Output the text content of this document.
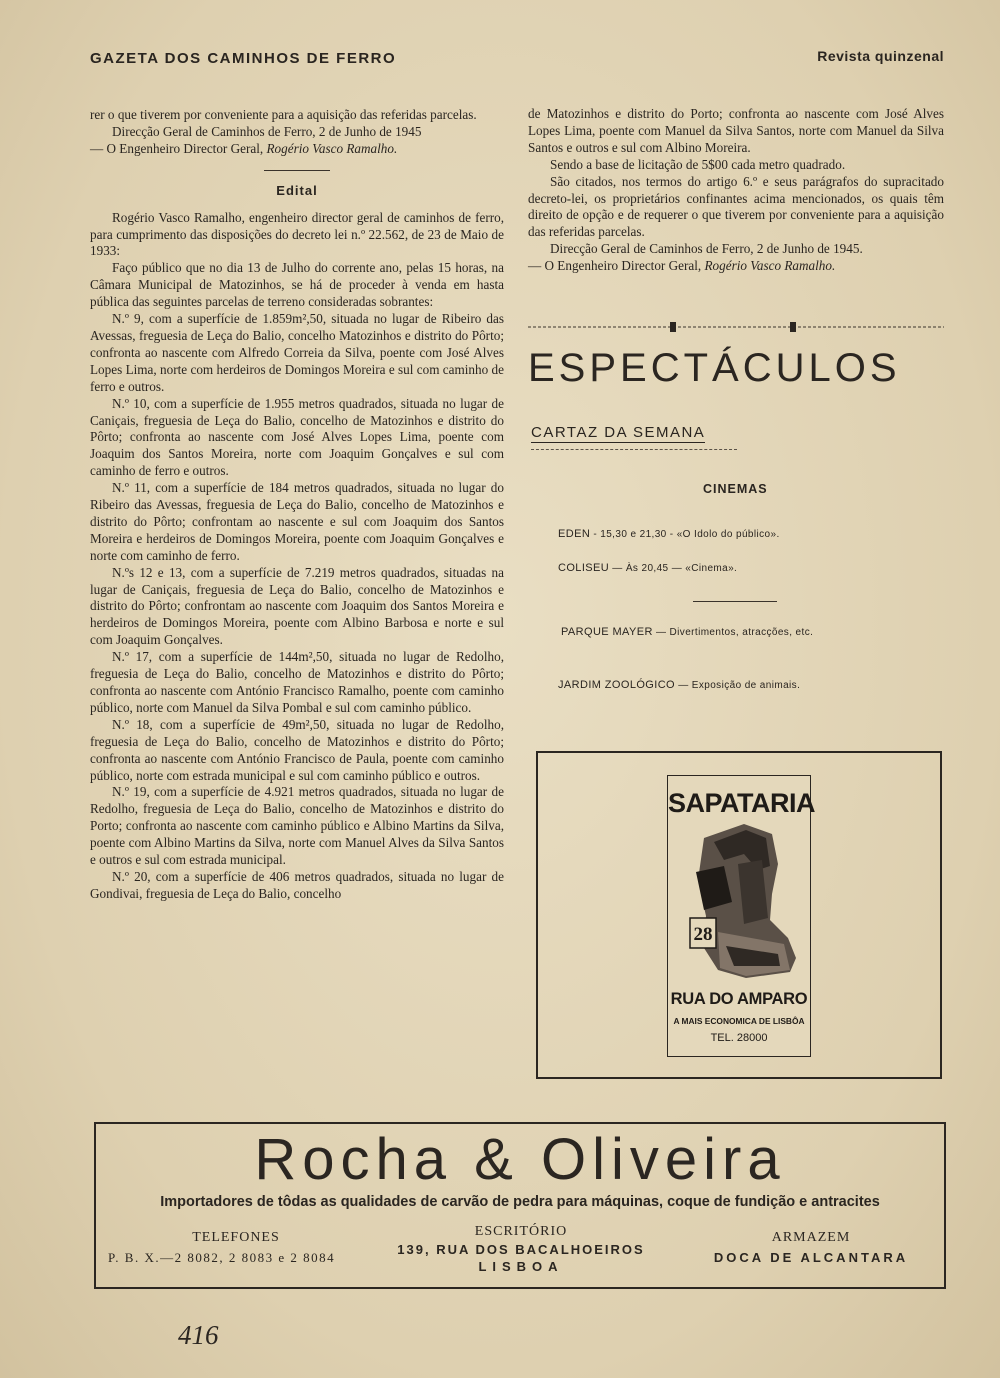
GAZETA DOS CAMINHOS DE FERRO	Revista quinzenal

rer o que tiverem por conveniente para a aquisição das referidas parcelas.

Direcção Geral de Caminhos de Ferro, 2 de Junho de 1945

— O Engenheiro Director Geral, Rogério Vasco Ramalho.

Edital

Rogério Vasco Ramalho, engenheiro director geral de caminhos de ferro, para cumprimento das disposições do decreto lei n.º 22.562, de 23 de Maio de 1933:

Faço público que no dia 13 de Julho do corrente ano, pelas 15 horas, na Câmara Municipal de Matozinhos, se há de proceder à venda em hasta pública das seguintes parcelas de terreno consideradas sobrantes:

N.º 9, com a superfície de 1.859m²,50, situada no lugar de Ribeiro das Avessas, freguesia de Leça do Balio, concelho Matozinhos e distrito do Pôrto; confronta ao nascente com Alfredo Correia da Silva, poente com José Alves Lopes Lima, norte com herdeiros de Domingos Moreira e sul com caminho de ferro e outros.

N.º 10, com a superfície de 1.955 metros quadrados, situada no lugar de Caniçais, freguesia de Leça do Balio, concelho de Matozinhos e distrito do Pôrto; confronta ao nascente com José Alves Lopes Lima, poente com Joaquim dos Santos Moreira, norte com Joaquim Gonçalves e sul com caminho de ferro e outros.

N.º 11, com a superfície de 184 metros quadrados, situada no lugar do Ribeiro das Avessas, freguesia de Leça do Balio, concelho de Matozinhos e distrito do Pôrto; confrontam ao nascente e sul com Joaquim dos Santos Moreira e herdeiros de Domingos Moreira, poente com Joaquim Gonçalves e norte com caminho de ferro.

N.ºs 12 e 13, com a superfície de 7.219 metros quadrados, situadas na lugar de Caniçais, freguesia de Leça do Balio, concelho de Matozinhos e distrito do Pôrto; confrontam ao nascente com Joaquim dos Santos Moreira e herdeiros de Domingos Moreira, poente com Albino Barbosa e norte e sul com Joaquim Gonçalves.

N.º 17, com a superfície de 144m²,50, situada no lugar de Redolho, freguesia de Leça do Balio, concelho de Matozinhos e distrito do Pôrto; confronta ao nascente com António Francisco Ramalho, poente com caminho público, norte com Manuel da Silva Pombal e sul com caminho público.

N.º 18, com a superfície de 49m²,50, situada no lugar de Redolho, freguesia de Leça do Balio, concelho de Matozinhos e distrito do Pôrto; confronta ao nascente com António Francisco de Paula, poente com caminho público, norte com estrada municipal e sul com caminho público e outros.

N.º 19, com a superfície de 4.921 metros quadrados, situada no lugar de Redolho, freguesia de Leça do Balio, concelho de Matozinhos e distrito do Porto; confronta ao nascente com caminho público e Albino Martins da Silva, poente com Albino Martins da Silva, norte com Manuel Alves da Silva Santos e outros e sul com estrada municipal.

N.º 20, com a superfície de 406 metros quadrados, situada no lugar de Gondivai, freguesia de Leça do Balio, concelho

de Matozinhos e distrito do Porto; confronta ao nascente com José Alves Lopes Lima, poente com Manuel da Silva Santos, norte com Manuel da Silva Santos e outros e sul com Albino Moreira.

Sendo a base de licitação de 5$00 cada metro quadrado.

São citados, nos termos do artigo 6.º e seus parágrafos do supracitado decreto-lei, os proprietários confinantes acima mencionados, os quais têm direito de opção e de requerer o que tiverem por conveniente para a aquisição das referidas parcelas.

Direcção Geral de Caminhos de Ferro, 2 de Junho de 1945.

— O Engenheiro Director Geral, Rogério Vasco Ramalho.

ESPECTÁCULOS
CARTAZ DA SEMANA
CINEMAS
EDEN - 15,30 e 21,30 - «O Idolo do público».
COLISEU — Às 20,45 — «Cinema».
PARQUE MAYER — Divertimentos, atracções, etc.
JARDIM ZOOLÓGICO — Exposição de animais.
SAPATARIA
28
RUA DO AMPARO
A MAIS ECONOMICA DE LISBÔA
TEL. 28000
Rocha & Oliveira
Importadores de tôdas as qualidades de carvão de pedra para máquinas, coque de fundição e antracites
TELEFONES
P. B. X.—2 8082, 2 8083 e 2 8084
ESCRITÓRIO
139, RUA DOS BACALHOEIROS
LISBOA
ARMAZEM
DOCA DE ALCANTARA
416
